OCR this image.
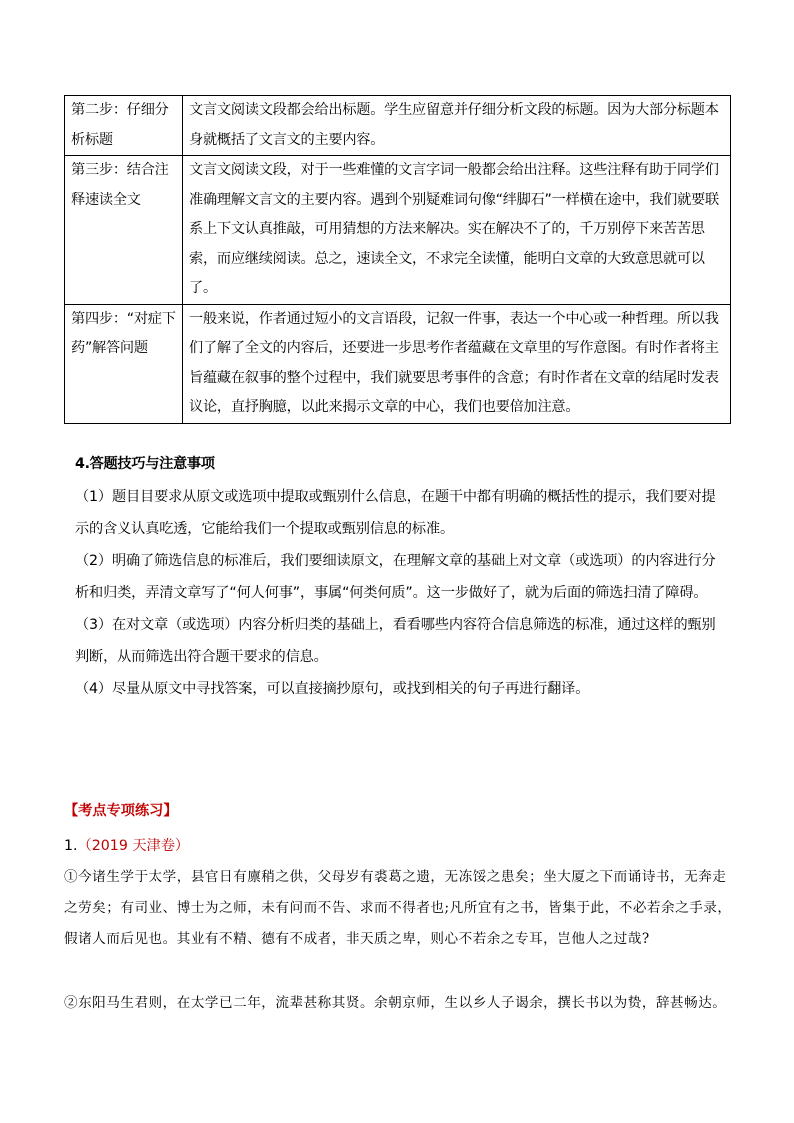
第二步：仔细分析标题	文言文阅读文段都会给出标题。学生应留意并仔细分析文段的标题。因为大部分标题本身就概括了文言文的主要内容。
第三步：结合注释速读全文	文言文阅读文段，对于一些难懂的文言字词一般都会给出注释。这些注释有助于同学们准确理解文言文的主要内容。遇到个别疑难词句像“绊脚石”一样横在途中，我们就要联系上下文认真推敲，可用猜想的方法来解决。实在解决不了的，千万别停下来苦苦思索，而应继续阅读。总之，速读全文，不求完全读懂，能明白文章的大致意思就可以了。
第四步：“对症下药”解答问题	一般来说，作者通过短小的文言语段，记叙一件事，表达一个中心或一种哲理。所以我们了解了全文的内容后，还要进一步思考作者蕴藏在文章里的写作意图。有时作者将主旨蕴藏在叙事的整个过程中，我们就要思考事件的含意；有时作者在文章的结尾时发表议论，直抒胸臆，以此来揭示文章的中心，我们也要倍加注意。
4.答题技巧与注意事项

（1）题目目要求从原文或选项中提取或甄别什么信息，在题干中都有明确的概括性的提示，我们要对提示的含义认真吃透，它能给我们一个提取或甄别信息的标准。

（2）明确了筛选信息的标准后，我们要细读原文，在理解文章的基础上对文章（或选项）的内容进行分析和归类，弄清文章写了“何人何事”，事属“何类何质”。这一步做好了，就为后面的筛选扫清了障碍。

（3）在对文章（或选项）内容分析归类的基础上，看看哪些内容符合信息筛选的标准，通过这样的甄别判断，从而筛选出符合题干要求的信息。

（4）尽量从原文中寻找答案，可以直接摘抄原句，或找到相关的句子再进行翻译。

【考点专项练习】
1.（2019 天津卷）
①今诸生学于太学，县官日有廪稍之供，父母岁有裘葛之遗，无冻馁之患矣；坐大厦之下而诵诗书，无奔走之劳矣；有司业、博士为之师，未有问而不告、求而不得者也;凡所宜有之书，皆集于此，不必若余之手录，假诸人而后见也。其业有不精、德有不成者，非天质之卑，则心不若余之专耳，岂他人之过哉?
②东阳马生君则，在太学已二年，流辈甚称其贤。余朝京师，生以乡人子谒余，撰长书以为贽，辞甚畅达。
